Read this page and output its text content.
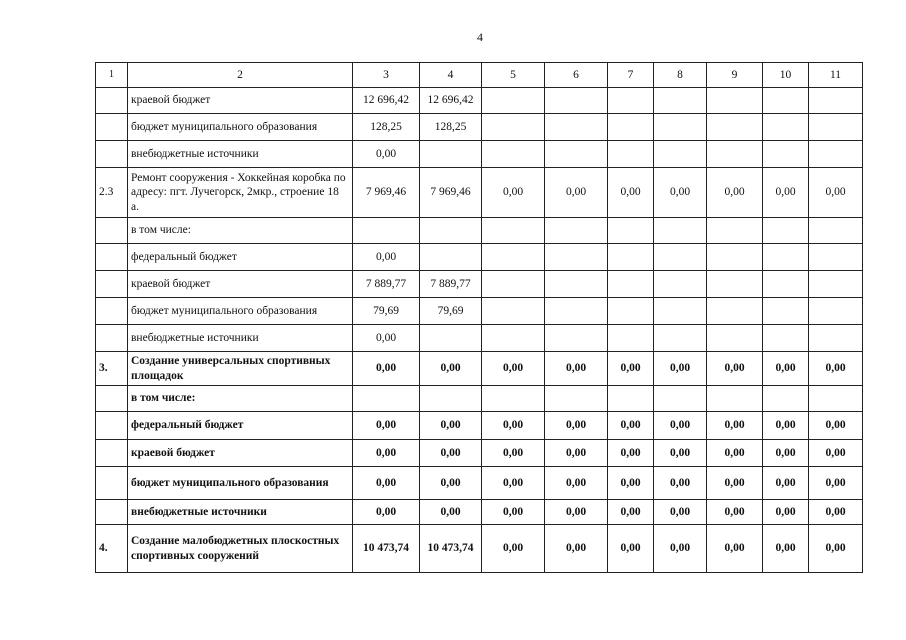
4
1	2	3	4	5	6	7	8	9	10	11
	краевой бюджет	12 696,42	12 696,42							
	бюджет муниципального образования	128,25	128,25							
	внебюджетные источники	0,00								
2.3	Ремонт сооружения - Хоккейная коробка по адресу: пгт. Лучегорск, 2мкр., строение 18 а.	7 969,46	7 969,46	0,00	0,00	0,00	0,00	0,00	0,00	0,00
	в том числе:									
	федеральный бюджет	0,00								
	краевой бюджет	7 889,77	7 889,77							
	бюджет муниципального образования	79,69	79,69							
	внебюджетные источники	0,00								
3.	Создание универсальных спортивных площадок	0,00	0,00	0,00	0,00	0,00	0,00	0,00	0,00	0,00
	в том числе:									
	федеральный бюджет	0,00	0,00	0,00	0,00	0,00	0,00	0,00	0,00	0,00
	краевой бюджет	0,00	0,00	0,00	0,00	0,00	0,00	0,00	0,00	0,00
	бюджет муниципального образования	0,00	0,00	0,00	0,00	0,00	0,00	0,00	0,00	0,00
	внебюджетные источники	0,00	0,00	0,00	0,00	0,00	0,00	0,00	0,00	0,00
4.	Создание малобюджетных плоскостных спортивных сооружений	10 473,74	10 473,74	0,00	0,00	0,00	0,00	0,00	0,00	0,00
